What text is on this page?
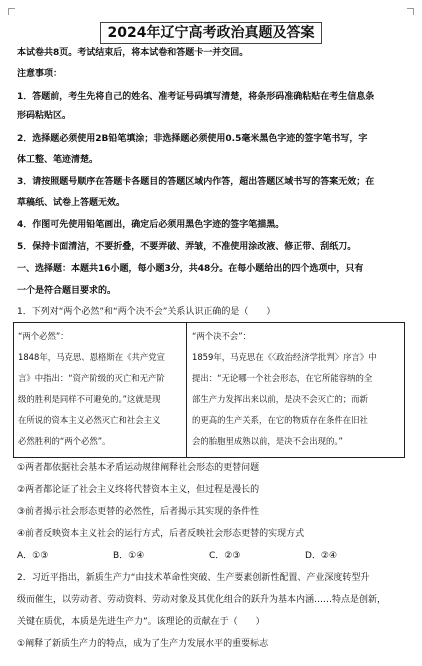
2024年辽宁高考政治真题及答案
本试卷共8页。考试结束后，将本试卷和答题卡一并交回。
注意事项：
1．答题前，考生先将自己的姓名、准考证号码填写清楚，将条形码准确粘贴在考生信息条
形码粘贴区。
2．选择题必须使用2B铅笔填涂；非选择题必须使用0.5毫米黑色字迹的签字笔书写，字
体工整、笔迹清楚。
3．请按照题号顺序在答题卡各题目的答题区域内作答，超出答题区域书写的答案无效；在
草稿纸、试卷上答题无效。
4．作图可先使用铅笔画出，确定后必须用黑色字迹的签字笔描黑。
5．保持卡面清洁，不要折叠，不要弄破、弄皱，不准使用涂改液、修正带、刮纸刀。
一、选择题：本题共16小题，每小题3分，共48分。在每小题给出的四个选项中，只有
一个是符合题目要求的。
1．下列对“两个必然”和“两个决不会”关系认识正确的是（　　）
“两个必然”：
1848年，马克思、恩格斯在《共产党宣
言》中指出：“资产阶级的灭亡和无产阶
级的胜利是同样不可避免的。”这就是现
在所说的资本主义必然灭亡和社会主义
必然胜利的“两个必然”。
“两个决不会”：
1859年，马克思在《〈政治经济学批判〉序言》中
提出：“无论哪一个社会形态，在它所能容纳的全
部生产力发挥出来以前，是决不会灭亡的；而新
的更高的生产关系，在它的物质存在条件在旧社
会的胎胞里成熟以前，是决不会出现的。”
①两者都依据社会基本矛盾运动规律阐释社会形态的更替问题
②两者都论证了社会主义终将代替资本主义，但过程是漫长的
③前者揭示社会形态更替的必然性，后者揭示其实现的条件性
④前者反映资本主义社会的运行方式，后者反映社会形态更替的实现方式
A．①③	B．①④	C．②③	D．②④
2．习近平指出，新质生产力“由技术革命性突破、生产要素创新性配置、产业深度转型升
级而催生，以劳动者、劳动资料、劳动对象及其优化组合的跃升为基本内涵……特点是创新，
关键在质优，本质是先进生产力”。该理论的贡献在于（　　）
①阐释了新质生产力的特点，成为了生产力发展水平的重要标志
